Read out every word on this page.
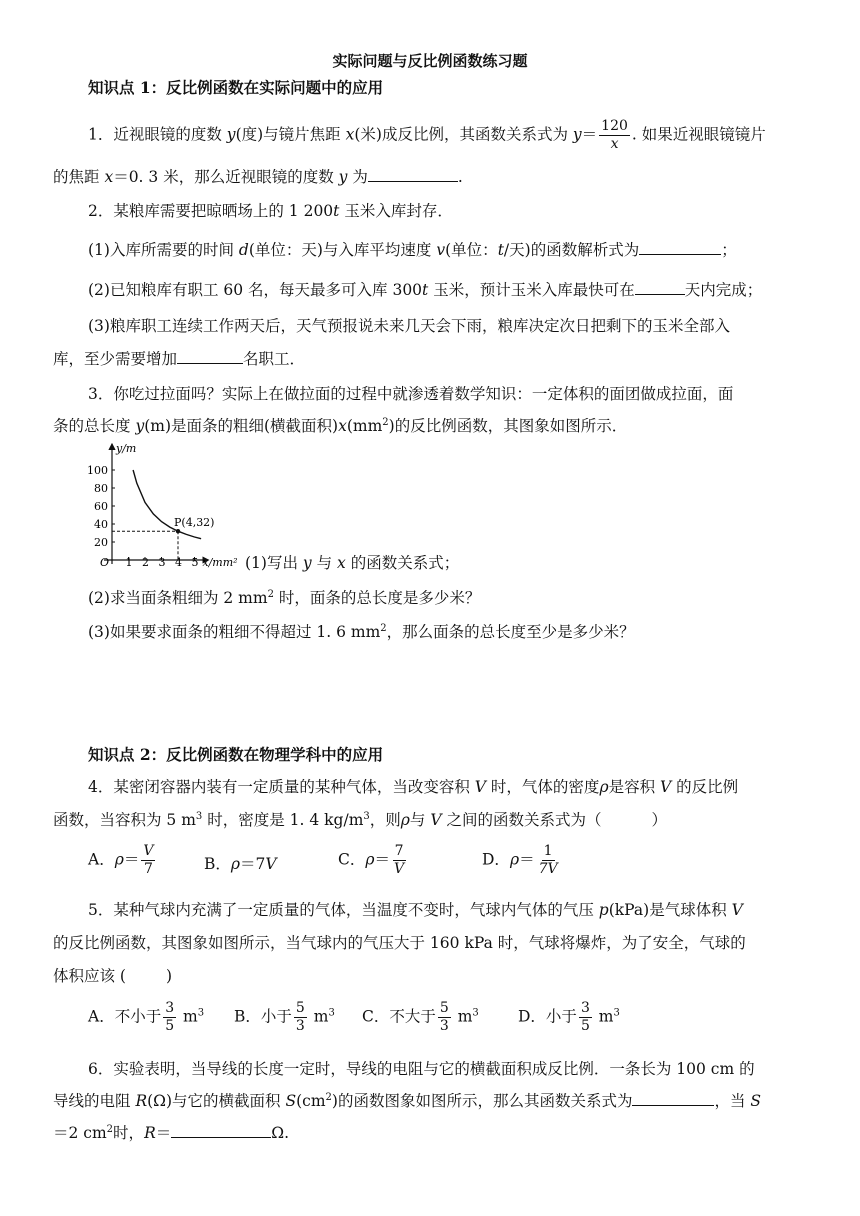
实际问题与反比例函数练习题
知识点 1：反比例函数在实际问题中的应用
1．近视眼镜的度数 y(度)与镜片焦距 x(米)成反比例，其函数关系式为 $y= \frac{120}{x}$ . 如果近视眼镜镜片
的焦距 x＝0. 3 米，那么近视眼镜的度数 y 为	.
2．某粮库需要把晾晒场上的 1 200t 玉米入库封存．
(1)入库所需要的时间 d(单位：天)与入库平均速度 v(单位：t/天)的函数解析式为	；
(2)已知粮库有职工 60 名，每天最多可入库 300t 玉米，预计玉米入库最快可在	天内完成；
(3)粮库职工连续工作两天后，天气预报说未来几天会下雨，粮库决定次日把剩下的玉米全部入
库，至少需要增加	名职工．
3．你吃过拉面吗？实际上在做拉面的过程中就渗透着数学知识：一定体积的面团做成拉面，面
条的总长度 y(m)是面条的粗细(横截面积)$x(mm^2)$的反比例函数，其图象如图所示．
O 1 2 3 4 5
20
40
60
80
100
y/m
x/mm²
P(4,32)
(1)写出 y 与 x 的函数关系式；
(2)求当面条粗细为 2 $mm^2$ 时，面条的总长度是多少米？
(3)如果要求面条的粗细不得超过 1. 6 $mm^2$，那么面条的总长度至少是多少米？
知识点 2：反比例函数在物理学科中的应用
4．某密闭容器内装有一定质量的某种气体，当改变容积 V 时，气体的密度ρ是容积 V 的反比例
函数，当容积为 5 $m^3$ 时，密度是 1. 4 $kg/m^3$，则ρ与 V 之间的函数关系式为（	）
A．$\rho= \frac{V}{7}$	B．ρ＝7V	C．$\rho= \frac{7}{V}$	D．$\rho= \frac{1}{7V}$
5．某种气球内充满了一定质量的气体，当温度不变时，气球内气体的气压 p(kPa)是气球体积 V
的反比例函数，其图象如图所示，当气球内的气压大于 160 kPa 时，气球将爆炸，为了安全，气球的
体积应该 (	)
A．不小于 $\frac{3}{5} m^3$ B．小于 $\frac{5}{3} m^3$ C．不大于 $\frac{5}{3} m^3$	D．小于 $\frac{3}{5} m^3$
6．实验表明，当导线的长度一定时，导线的电阻与它的横截面积成反比例．一条长为 100 cm 的
导线的电阻 R(Ω)与它的横截面积 $S(cm^2)$的函数图象如图所示，那么其函数关系式为	，当 S
＝2 $cm^2$时，R＝	Ω.
